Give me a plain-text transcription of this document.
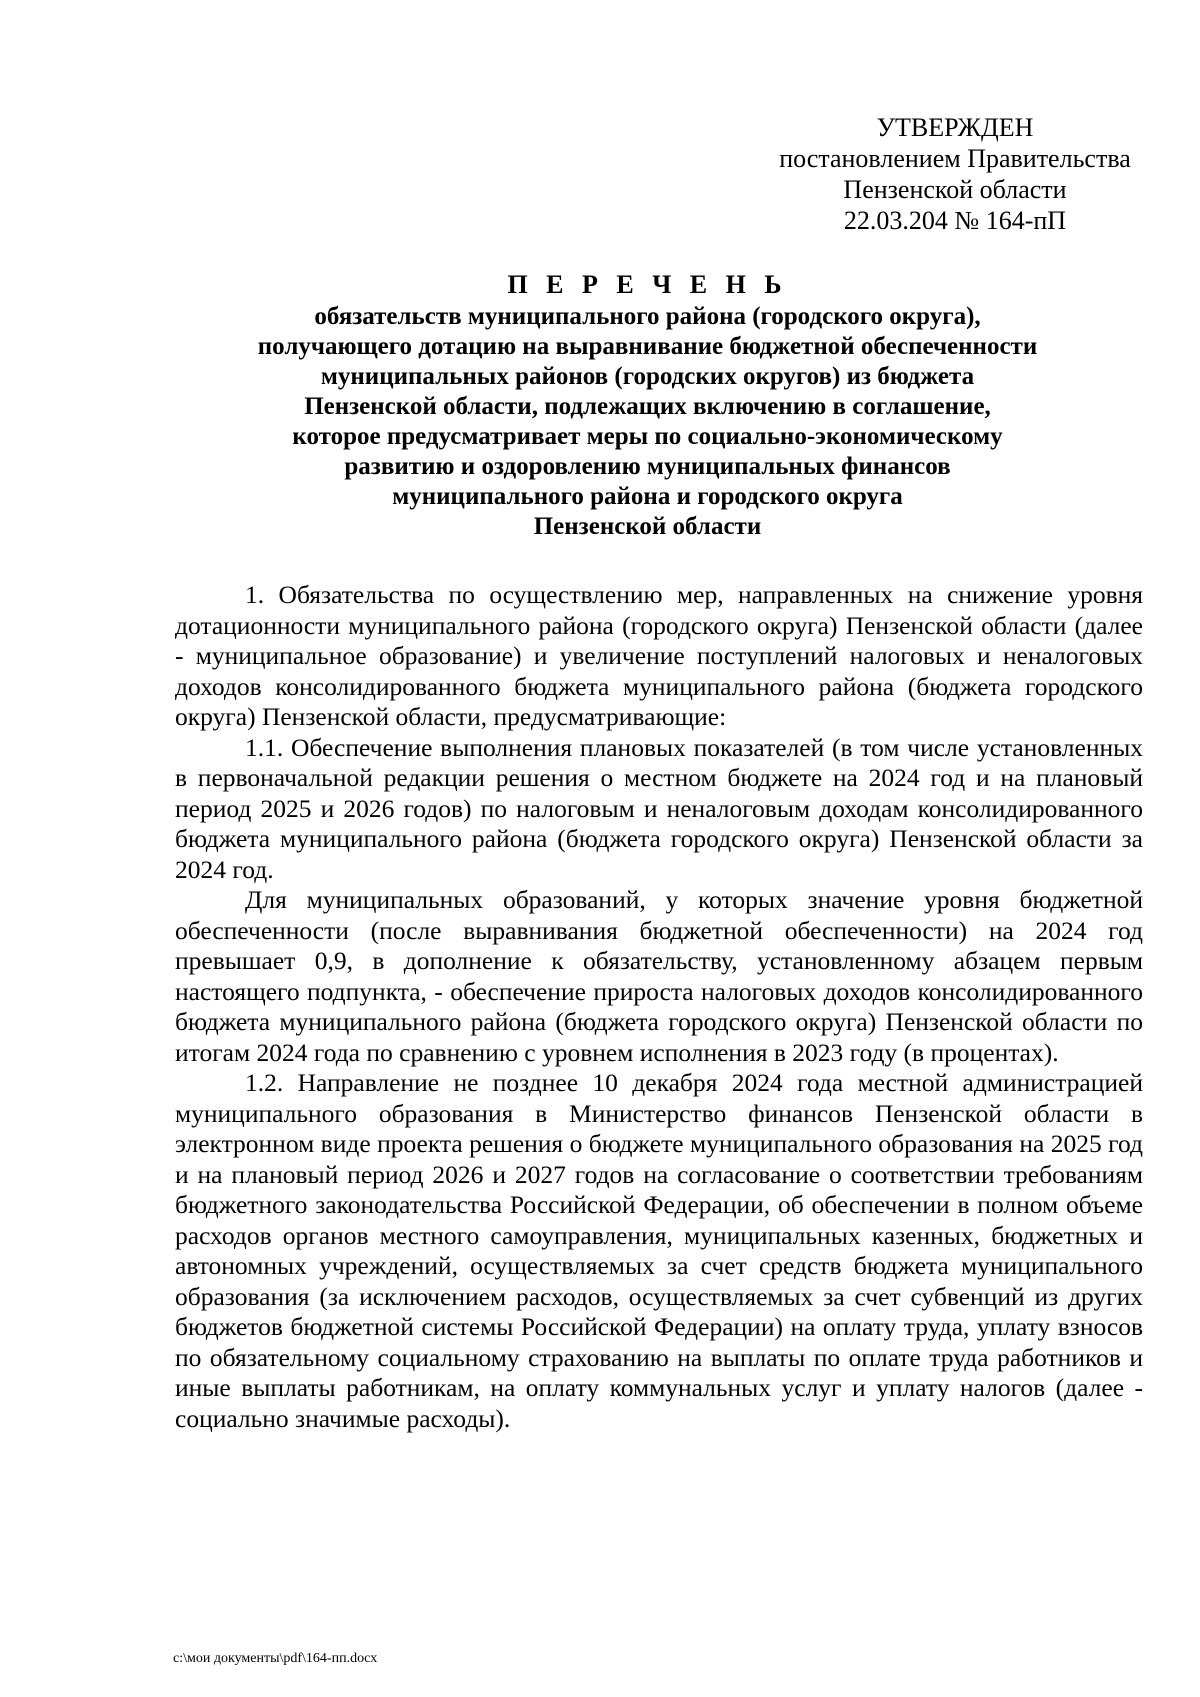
УТВЕРЖДЕН
постановлением Правительства
Пензенской области
22.03.204 № 164-пП
П Е Р Е Ч Е Н Ь
обязательств муниципального района (городского округа),
получающего дотацию на выравнивание бюджетной обеспеченности
муниципальных районов (городских округов) из бюджета
Пензенской области, подлежащих включению в соглашение,
которое предусматривает меры по социально-экономическому
развитию и оздоровлению муниципальных финансов
муниципального района и городского округа
Пензенской области

1. Обязательства по осуществлению мер, направленных на снижение уровня дотационности муниципального района (городского округа) Пензенской области (далее - муниципальное образование) и увеличение поступлений налоговых и неналоговых доходов консолидированного бюджета муниципального района (бюджета городского округа) Пензенской области, предусматривающие:

1.1. Обеспечение выполнения плановых показателей (в том числе установленных в первоначальной редакции решения о местном бюджете на 2024 год и на плановый период 2025 и 2026 годов) по налоговым и неналоговым доходам консолидированного бюджета муниципального района (бюджета городского округа) Пензенской области за 2024 год.

Для муниципальных образований, у которых значение уровня бюджетной обеспеченности (после выравнивания бюджетной обеспеченности) на 2024 год превышает 0,9, в дополнение к обязательству, установленному абзацем первым настоящего подпункта, - обеспечение прироста налоговых доходов консолидированного бюджета муниципального района (бюджета городского округа) Пензенской области по итогам 2024 года по сравнению с уровнем исполнения в 2023 году (в процентах).

1.2. Направление не позднее 10 декабря 2024 года местной администрацией муниципального образования в Министерство финансов Пензенской области в электронном виде проекта решения о бюджете муниципального образования на 2025 год и на плановый период 2026 и 2027 годов на согласование о соответствии требованиям бюджетного законодательства Российской Федерации, об обеспечении в полном объеме расходов органов местного самоуправления, муниципальных казенных, бюджетных и автономных учреждений, осуществляемых за счет средств бюджета муниципального образования (за исключением расходов, осуществляемых за счет субвенций из других бюджетов бюджетной системы Российской Федерации) на оплату труда, уплату взносов по обязательному социальному страхованию на выплаты по оплате труда работников и иные выплаты работникам, на оплату коммунальных услуг и уплату налогов (далее - социально значимые расходы).

c:\мои документы\pdf\164-пп.docx
